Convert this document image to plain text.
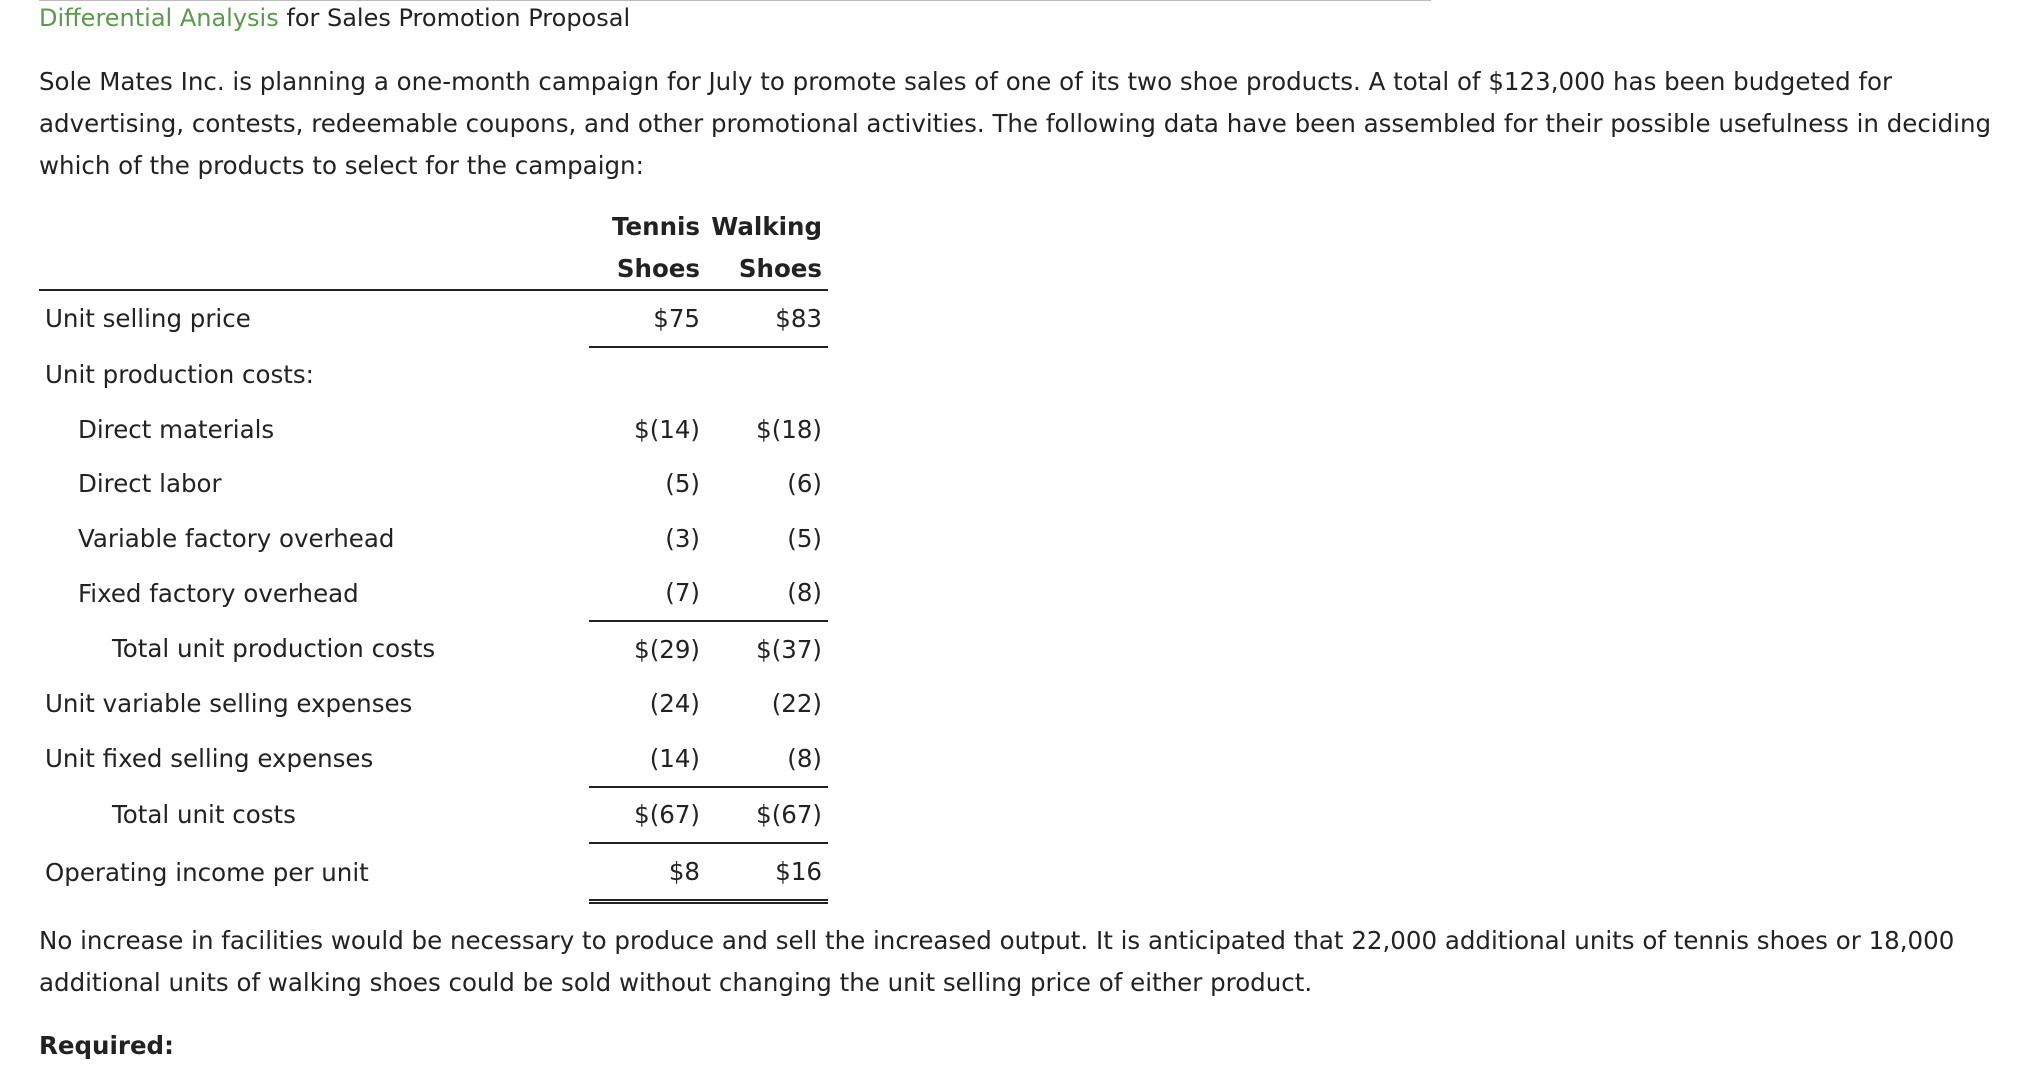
Differential Analysis for Sales Promotion Proposal

Sole Mates Inc. is planning a one-month campaign for July to promote sales of one of its two shoe products. A total of $123,000 has been budgeted for advertising, contests, redeemable coupons, and other promotional activities. The following data have been assembled for their possible usefulness in deciding which of the products to select for the campaign:

	Tennis	Walking
	Shoes	Shoes
Unit selling price	$75	$83
Unit production costs:		
Direct materials	$(14)	$(18)
Direct labor	(5)	(6)
Variable factory overhead	(3)	(5)
Fixed factory overhead	(7)	(8)
Total unit production costs	$(29)	$(37)
Unit variable selling expenses	(24)	(22)
Unit fixed selling expenses	(14)	(8)
Total unit costs	$(67)	$(67)
Operating income per unit	$8	$16

No increase in facilities would be necessary to produce and sell the increased output. It is anticipated that 22,000 additional units of tennis shoes or 18,000 additional units of walking shoes could be sold without changing the unit selling price of either product.

Required:
